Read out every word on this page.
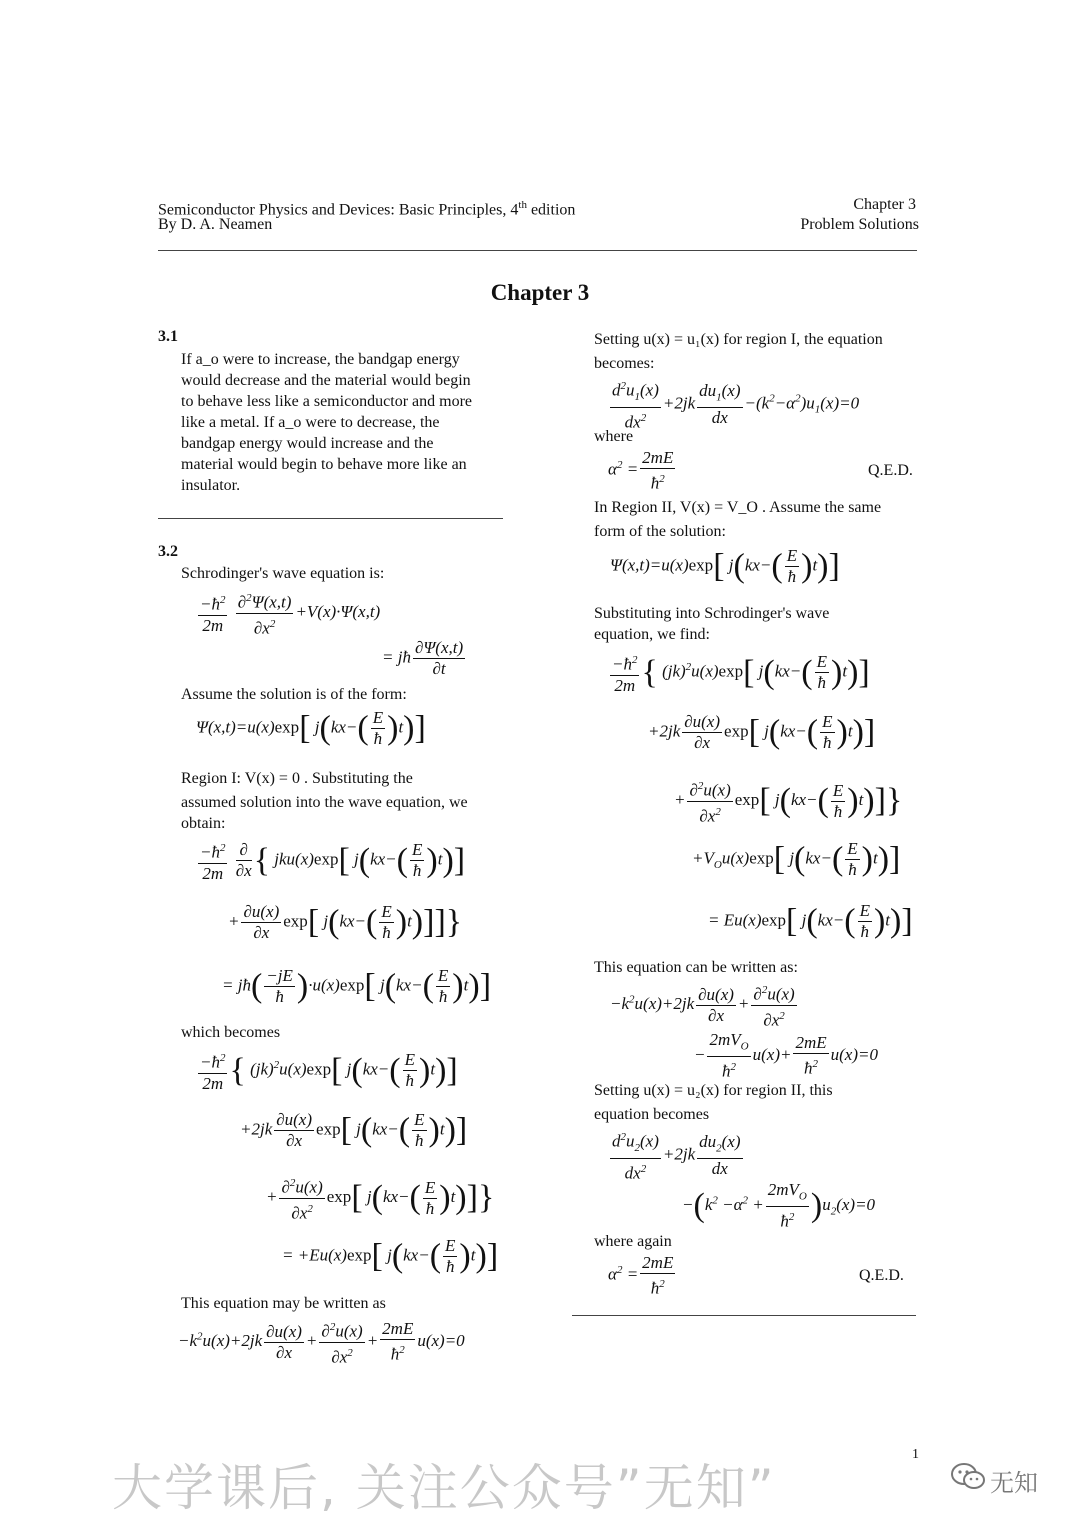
Semiconductor Physics and Devices: Basic Principles, 4th edition
By D. A. Neamen
Chapter 3
Problem Solutions
Chapter 3
3.1
If a_o were to increase, the bandgap energy
would decrease and the material would begin
to behave less like a semiconductor and more
like a metal. If a_o were to decrease, the
bandgap energy would increase and the
material would begin to behave more like an
insulator.
3.2
Schrodinger's wave equation is:
$\frac{-ħ^2}{2m}$
$\frac{\partial^2\Psi(x,t)}{\partial x^2} +V(x)\cdot\Psi(x,t)$
= jħ $\frac{\partial\Psi(x,t)}{\partial t}$
Assume the solution is of the form:
Ψ(x,t)=u(x)exp[ $j(kx-( \frac{E}{ħ} )t)$]
Region I: V(x) = 0 . Substituting the
assumed solution into the wave equation, we
obtain:
$\frac{-ħ^2}{2m}$
$\frac{\partial}{\partial x}$ { jku(x)exp[ $j(kx-( \frac{E}{ħ} )t)$]
+ $\frac{\partial u(x)}{\partial x} \exp$[ $j(kx-( \frac{E}{ħ} )t)$]]}
= jħ( $\frac{-jE}{ħ} )\cdot u(x)\exp$[ $j(kx-( \frac{E}{ħ} )t)$]
which becomes
$\frac{-ħ^2}{2m}$ { (jk)$^2$u(x)exp[ $j(kx-( \frac{E}{ħ} )t)$]
$+2jk \frac{\partial u(x)}{\partial x} \exp$[ $j(kx-( \frac{E}{ħ} )t)$]
+ $\frac{\partial^2u(x)}{\partial x^2} \exp$[ $j(kx-( \frac{E}{ħ} )t)$]}
= +Eu(x)exp[ $j(kx-( \frac{E}{ħ} )t)$]
This equation may be written as
$-k^2u(x)+2jk \frac{\partial u(x)}{\partial x} + \frac{\partial^2u(x)}{\partial x^2} + \frac{2mE}{ħ^2} u(x)=0$
Setting u(x) = u₁(x) for region I, the equation
becomes:
$\frac{d^2u_1(x)}{dx^2} +2jk \frac{du_1(x)}{dx} -(k^2-\alpha^2)u_1(x)=0$
where
$\alpha^2 = \frac{2mE}{ħ^2}$	Q.E.D.
In Region II, V(x) = V_O . Assume the same
form of the solution:
Ψ(x,t)=u(x)exp[ $j(kx-( \frac{E}{ħ} )t)$]
Substituting into Schrodinger's wave
equation, we find:
$\frac{-ħ^2}{2m}$ { (jk)$^2$u(x)exp[ $j(kx-( \frac{E}{ħ} )t)$]
$+2jk \frac{\partial u(x)}{\partial x} \exp$[ $j(kx-( \frac{E}{ħ} )t)$]
+ $\frac{\partial^2u(x)}{\partial x^2} \exp$[ $j(kx-( \frac{E}{ħ} )t)$]}
$+V_Ou(x)\exp$[ $j(kx-( \frac{E}{ħ} )t)$]
= Eu(x)exp[ $j(kx-( \frac{E}{ħ} )t)$]
This equation can be written as:
$-k^2u(x)+2jk \frac{\partial u(x)}{\partial x} + \frac{\partial^2u(x)}{\partial x^2}$
− $\frac{2mV_O}{ħ^2} u(x)+ \frac{2mE}{ħ^2} u(x)=0$
Setting u(x) = u₂(x) for region II, this
equation becomes
$\frac{d^2u_2(x)}{dx^2} +2jk \frac{du_2(x)}{dx}$
$-(k^2 -\alpha^2 + \frac{2mV_O}{ħ^2} )u_2(x)=0$
where again
$\alpha^2 = \frac{2mE}{ħ^2}$	Q.E.D.
1
大学课后, 关注公众号”无知”	无知
